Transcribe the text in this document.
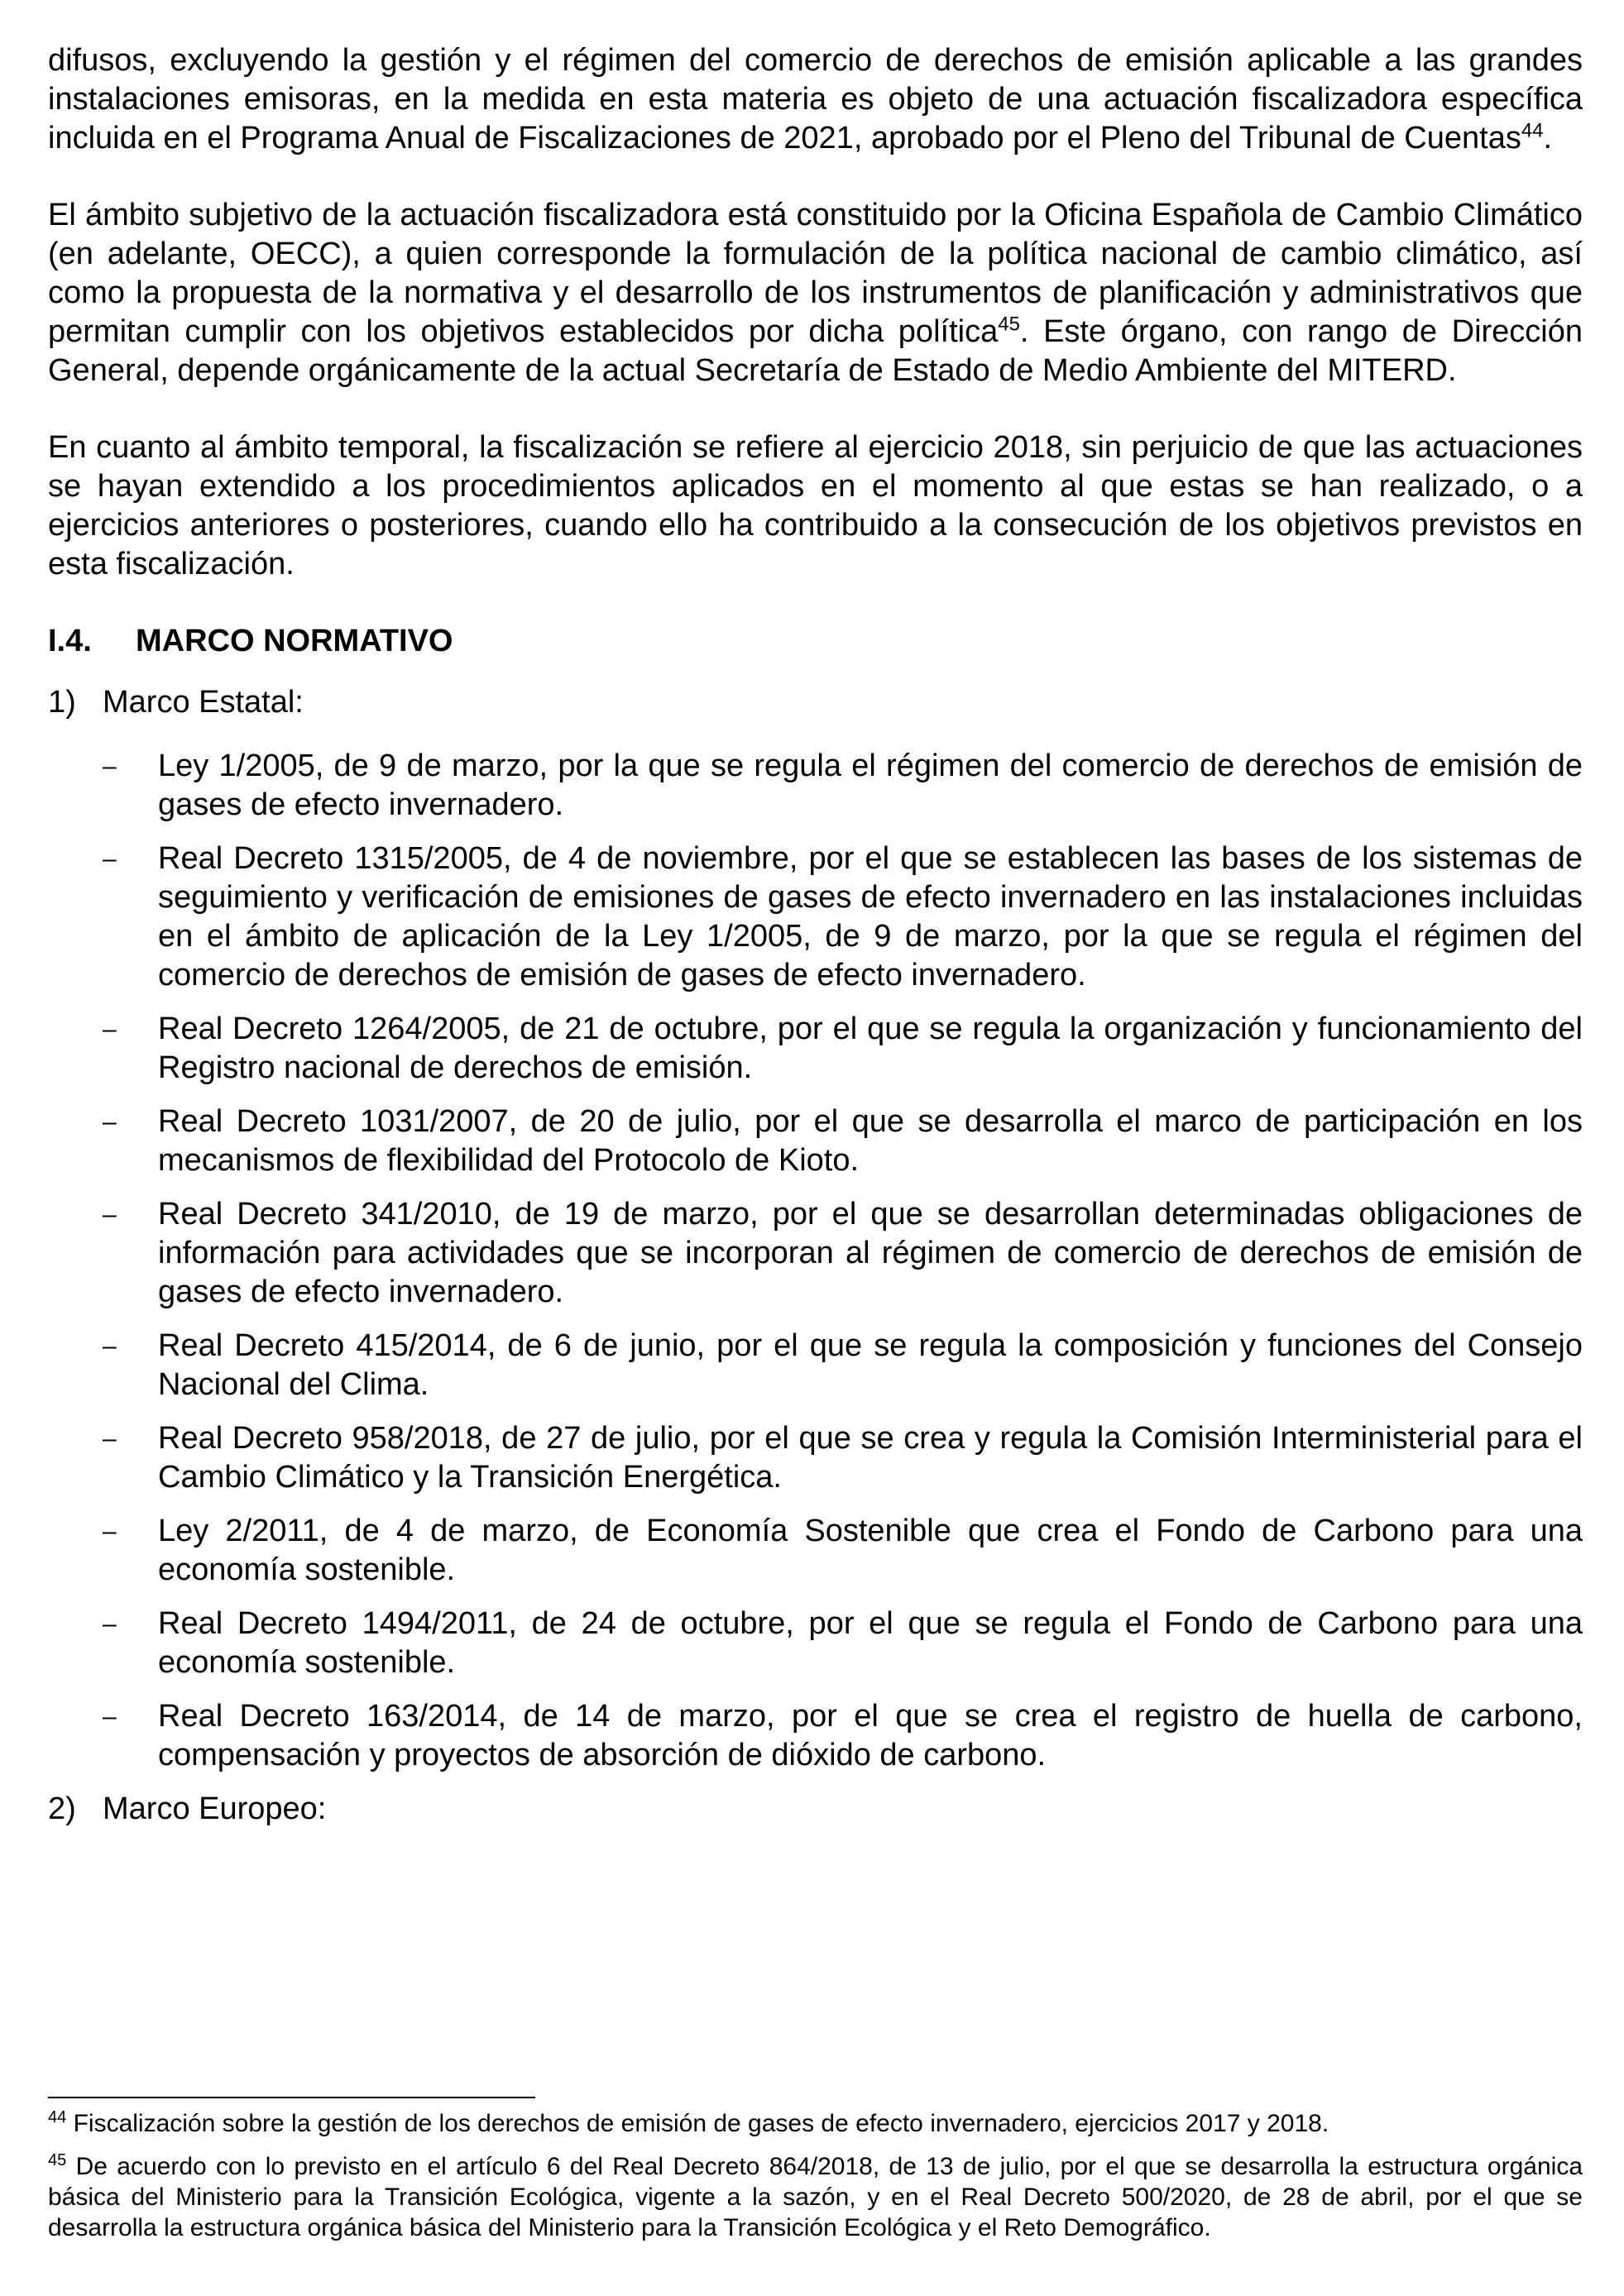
difusos, excluyendo la gestión y el régimen del comercio de derechos de emisión aplicable a las grandes instalaciones emisoras, en la medida en esta materia es objeto de una actuación fiscalizadora específica incluida en el Programa Anual de Fiscalizaciones de 2021, aprobado por el Pleno del Tribunal de Cuentas$^{44}$.

El ámbito subjetivo de la actuación fiscalizadora está constituido por la Oficina Española de Cambio Climático (en adelante, OECC), a quien corresponde la formulación de la política nacional de cambio climático, así como la propuesta de la normativa y el desarrollo de los instrumentos de planificación y administrativos que permitan cumplir con los objetivos establecidos por dicha política$^{45}$. Este órgano, con rango de Dirección General, depende orgánicamente de la actual Secretaría de Estado de Medio Ambiente del MITERD.

En cuanto al ámbito temporal, la fiscalización se refiere al ejercicio 2018, sin perjuicio de que las actuaciones se hayan extendido a los procedimientos aplicados en el momento al que estas se han realizado, o a ejercicios anteriores o posteriores, cuando ello ha contribuido a la consecución de los objetivos previstos en esta fiscalización.

I.4.	MARCO NORMATIVO
1) Marco Estatal:
–	Ley 1/2005, de 9 de marzo, por la que se regula el régimen del comercio de derechos de emisión de gases de efecto invernadero.
–	Real Decreto 1315/2005, de 4 de noviembre, por el que se establecen las bases de los sistemas de seguimiento y verificación de emisiones de gases de efecto invernadero en las instalaciones incluidas en el ámbito de aplicación de la Ley 1/2005, de 9 de marzo, por la que se regula el régimen del comercio de derechos de emisión de gases de efecto invernadero.
–	Real Decreto 1264/2005, de 21 de octubre, por el que se regula la organización y funcionamiento del Registro nacional de derechos de emisión.
–	Real Decreto 1031/2007, de 20 de julio, por el que se desarrolla el marco de participación en los mecanismos de flexibilidad del Protocolo de Kioto.
–	Real Decreto 341/2010, de 19 de marzo, por el que se desarrollan determinadas obligaciones de información para actividades que se incorporan al régimen de comercio de derechos de emisión de gases de efecto invernadero.
–	Real Decreto 415/2014, de 6 de junio, por el que se regula la composición y funciones del Consejo Nacional del Clima.
–	Real Decreto 958/2018, de 27 de julio, por el que se crea y regula la Comisión Interministerial para el Cambio Climático y la Transición Energética.
–	Ley 2/2011, de 4 de marzo, de Economía Sostenible que crea el Fondo de Carbono para una economía sostenible.
–	Real Decreto 1494/2011, de 24 de octubre, por el que se regula el Fondo de Carbono para una economía sostenible.
–	Real Decreto 163/2014, de 14 de marzo, por el que se crea el registro de huella de carbono, compensación y proyectos de absorción de dióxido de carbono.
2) Marco Europeo:

$^{44}$ Fiscalización sobre la gestión de los derechos de emisión de gases de efecto invernadero, ejercicios 2017 y 2018.

$^{45}$ De acuerdo con lo previsto en el artículo 6 del Real Decreto 864/2018, de 13 de julio, por el que se desarrolla la estructura orgánica básica del Ministerio para la Transición Ecológica, vigente a la sazón, y en el Real Decreto 500/2020, de 28 de abril, por el que se desarrolla la estructura orgánica básica del Ministerio para la Transición Ecológica y el Reto Demográfico.
